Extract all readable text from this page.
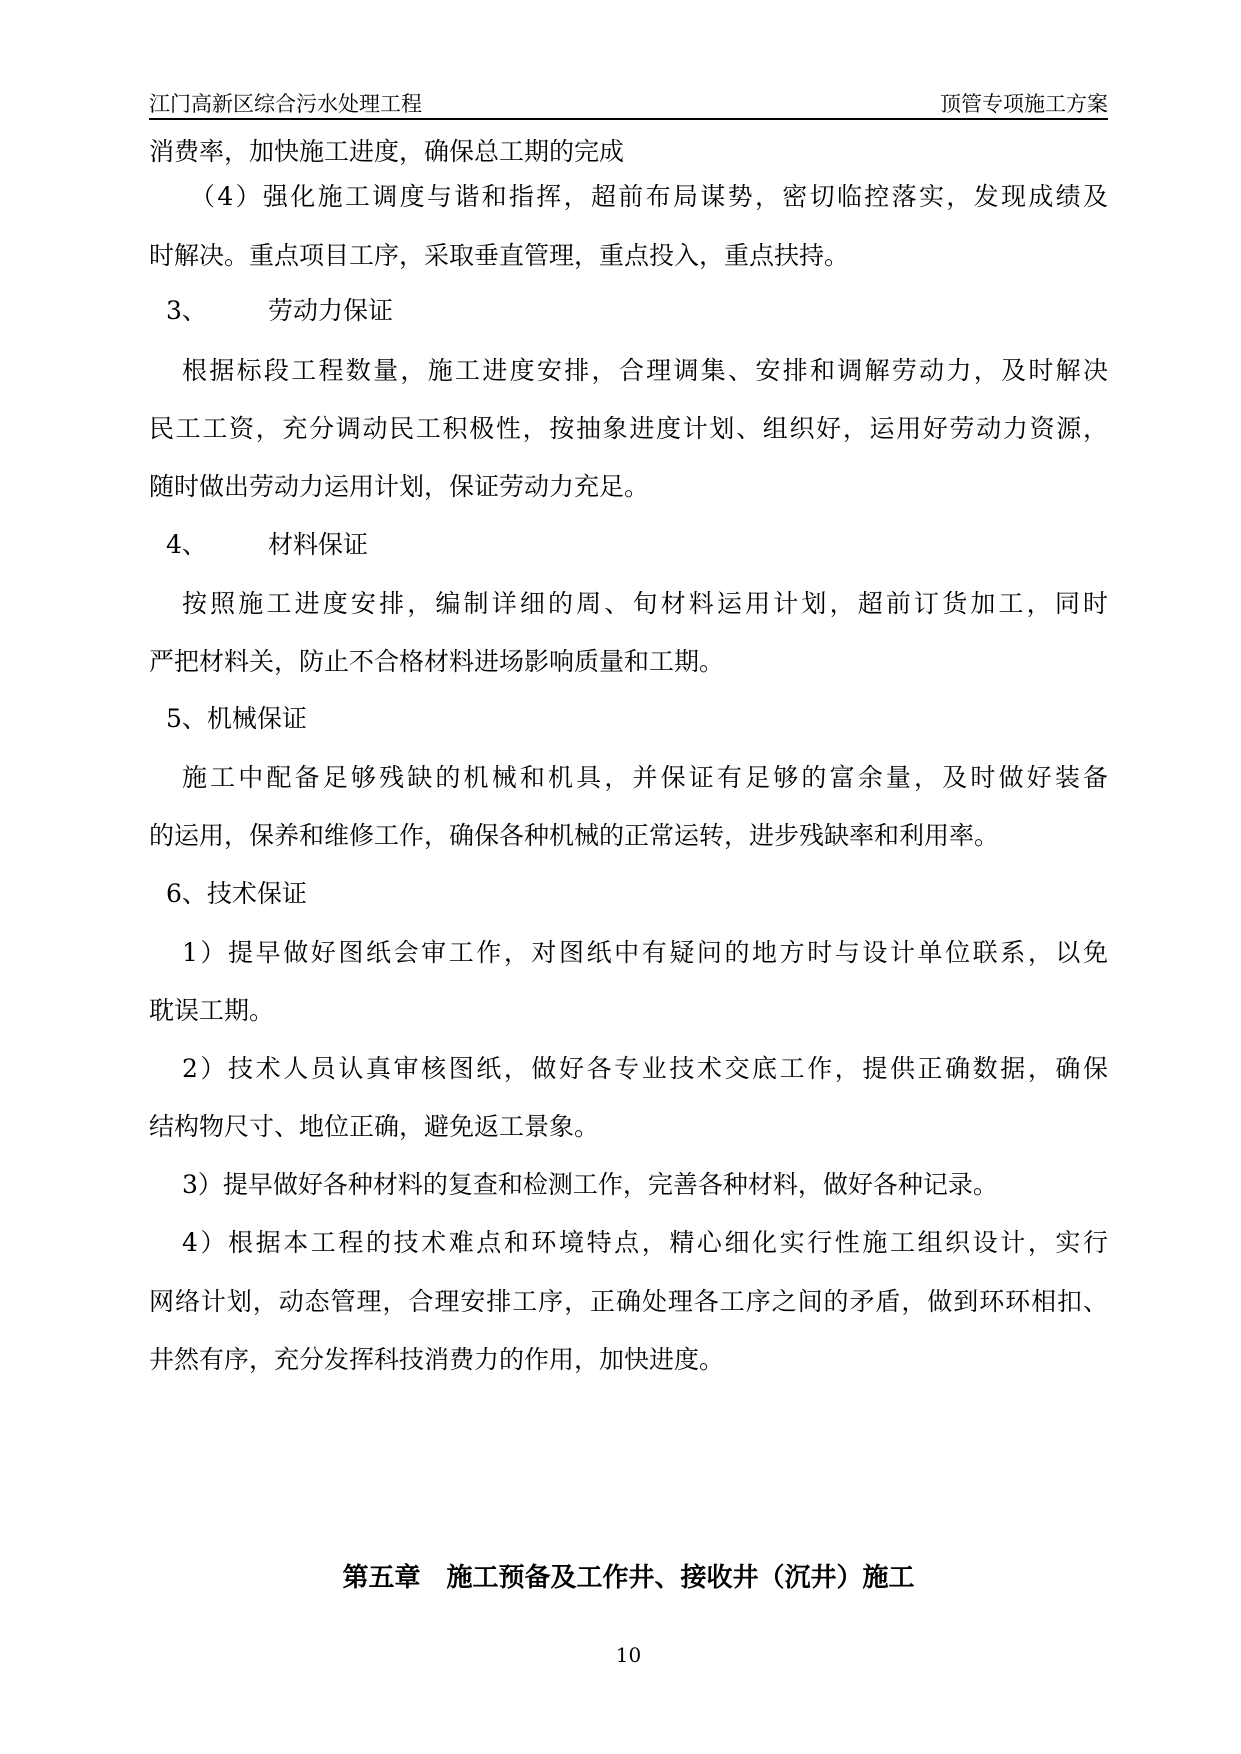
江门高新区综合污水处理工程	顶管专项施工方案
消费率，加快施工进度，确保总工期的完成
（4）强化施工调度与谐和指挥，超前布局谋势，密切临控落实，发现成绩及
时解决。重点项目工序，采取垂直管理，重点投入，重点扶持。
3、 劳动力保证
根据标段工程数量，施工进度安排，合理调集、安排和调解劳动力，及时解决
民工工资，充分调动民工积极性，按抽象进度计划、组织好，运用好劳动力资源，
随时做出劳动力运用计划，保证劳动力充足。
4、 材料保证
按照施工进度安排，编制详细的周、旬材料运用计划，超前订货加工，同时
严把材料关，防止不合格材料进场影响质量和工期。
5、机械保证
施工中配备足够残缺的机械和机具，并保证有足够的富余量，及时做好装备
的运用，保养和维修工作，确保各种机械的正常运转，进步残缺率和利用率。
6、技术保证
1）提早做好图纸会审工作，对图纸中有疑问的地方时与设计单位联系，以免
耽误工期。
2）技术人员认真审核图纸，做好各专业技术交底工作，提供正确数据，确保
结构物尺寸、地位正确，避免返工景象。
3）提早做好各种材料的复查和检测工作，完善各种材料，做好各种记录。
4）根据本工程的技术难点和环境特点，精心细化实行性施工组织设计，实行
网络计划，动态管理，合理安排工序，正确处理各工序之间的矛盾，做到环环相扣、
井然有序，充分发挥科技消费力的作用，加快进度。
第五章　施工预备及工作井、接收井（沉井）施工
10
